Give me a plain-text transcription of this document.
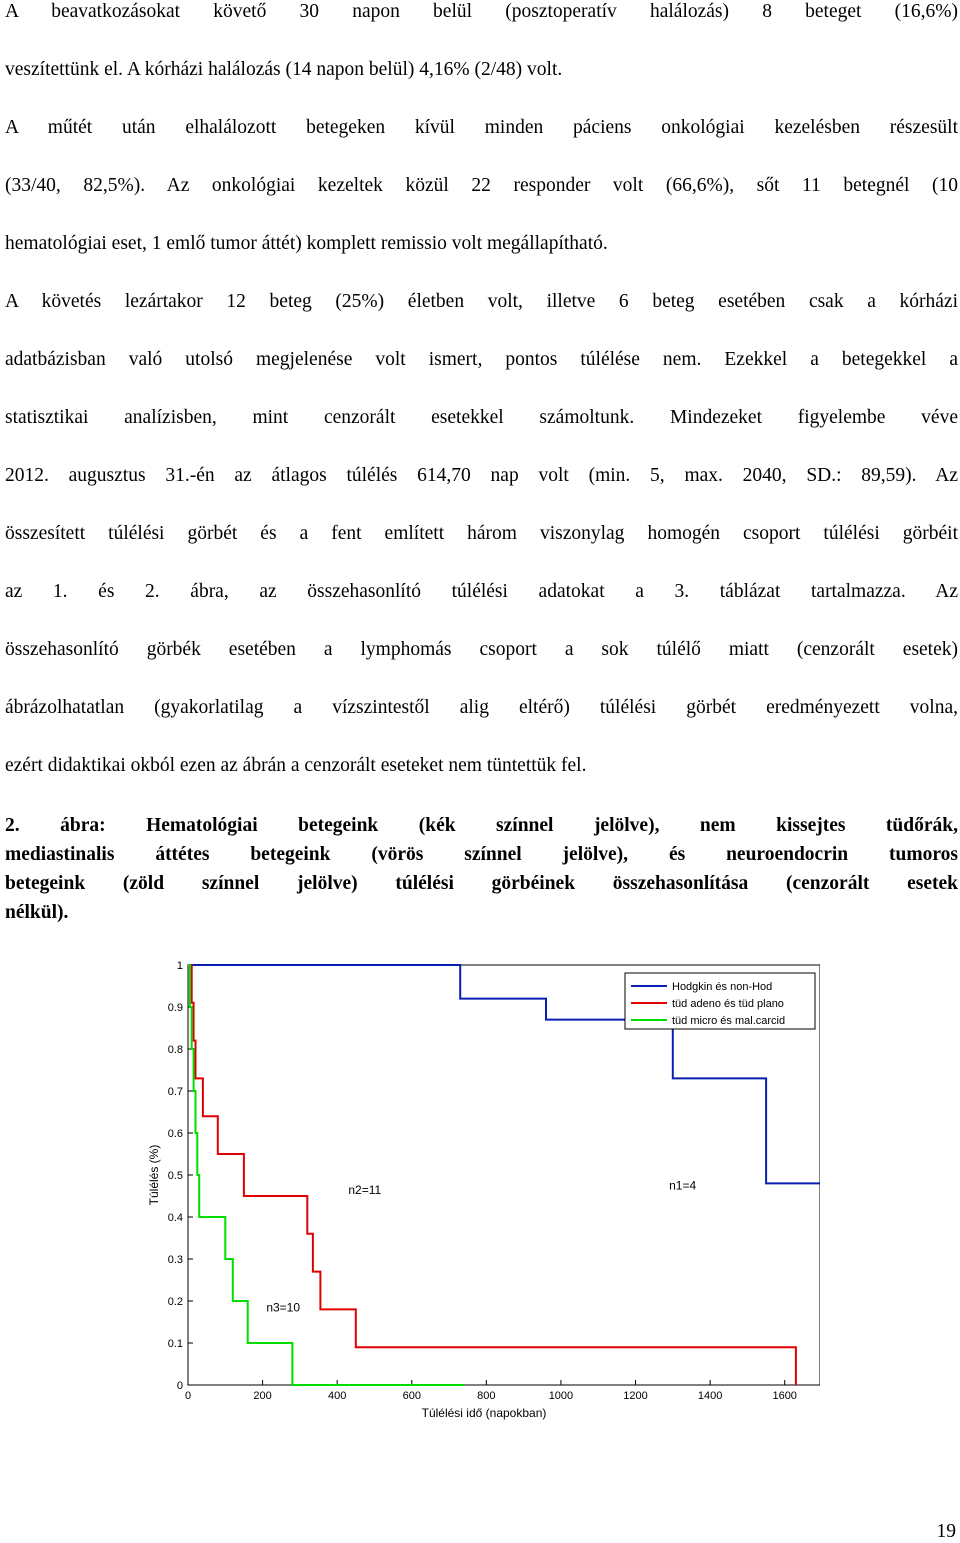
A beavatkozásokat követő 30 napon belül (posztoperatív halálozás) 8 beteget (16,6%)
veszítettünk el. A kórházi halálozás (14 napon belül) 4,16% (2/48) volt.
A műtét után elhalálozott betegeken kívül minden páciens onkológiai kezelésben részesült
(33/40, 82,5%). Az onkológiai kezeltek közül 22 responder volt (66,6%), sőt 11 betegnél (10
hematológiai eset, 1 emlő tumor áttét) komplett remissio volt megállapítható.
A követés lezártakor 12 beteg (25%) életben volt, illetve 6 beteg esetében csak a kórházi
adatbázisban való utolsó megjelenése volt ismert, pontos túlélése nem. Ezekkel a betegekkel a
statisztikai analízisben, mint cenzorált esetekkel számoltunk. Mindezeket figyelembe véve
2012. augusztus 31.-én az átlagos túlélés 614,70 nap volt (min. 5, max. 2040, SD.: 89,59). Az
összesített túlélési görbét és a fent említett három viszonylag homogén csoport túlélési görbéit
az 1. és 2. ábra, az összehasonlító túlélési adatokat a 3. táblázat tartalmazza. Az
összehasonlító görbék esetében a lymphomás csoport a sok túlélő miatt (cenzorált esetek)
ábrázolhatatlan (gyakorlatilag a vízszintestől alig eltérő) túlélési görbét eredményezett volna,
ezért didaktikai okból ezen az ábrán a cenzorált eseteket nem tüntettük fel.
2. ábra: Hematológiai betegeink (kék színnel jelölve), nem kissejtes tüdőrák,
mediastinalis áttétes betegeink (vörös színnel jelölve), és neuroendocrin tumoros
betegeink (zöld színnel jelölve) túlélési görbéinek összehasonlítása (cenzorált esetek
nélkül).
0	200	400	600	800	1000	1200	1400	1600
0
0.1
0.2
0.3
0.4
0.5
0.6
0.7
0.8
0.9
1
n2=11	n1=4
n3=10
Hodgkin és non-Hod
tüd adeno és tüd plano
tüd micro és mal.carcid
Túlélési idő (napokban)
Túlélés (%)
19
